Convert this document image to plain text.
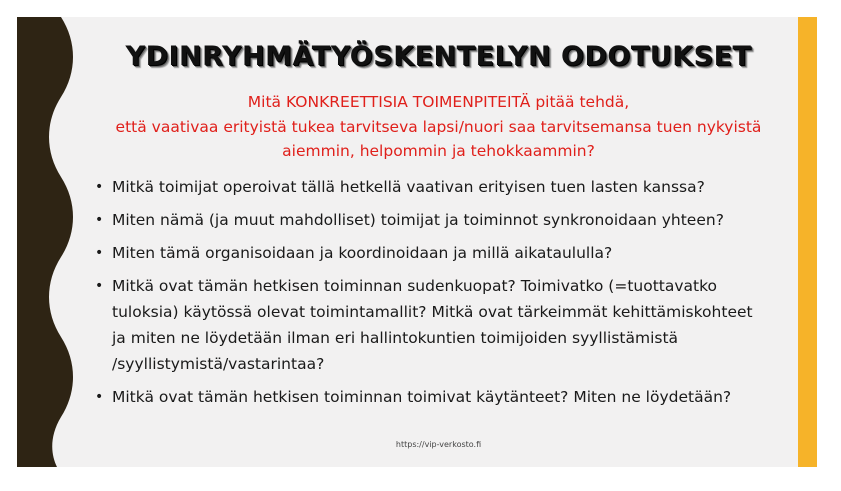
YDINRYHMÄTYÖSKENTELYN ODOTUKSET
Mitä KONKREETTISIA TOIMENPITEITÄ pitää tehdä,
että vaativaa erityistä tukea tarvitseva lapsi/nuori saa tarvitsemansa tuen nykyistä
aiemmin, helpommin ja tehokkaammin?
• Mitkä toimijat operoivat tällä hetkellä vaativan erityisen tuen lasten kanssa?
• Miten nämä (ja muut mahdolliset) toimijat ja toiminnot synkronoidaan yhteen?
• Miten tämä organisoidaan ja koordinoidaan ja millä aikataululla?
• Mitkä ovat tämän hetkisen toiminnan sudenkuopat? Toimivatko (=tuottavatko
tuloksia) käytössä olevat toimintamallit? Mitkä ovat tärkeimmät kehittämiskohteet
ja miten ne löydetään ilman eri hallintokuntien toimijoiden syyllistämistä
/syyllistymistä/vastarintaa?
• Mitkä ovat tämän hetkisen toiminnan toimivat käytänteet? Miten ne löydetään?
https://vip-verkosto.fi
